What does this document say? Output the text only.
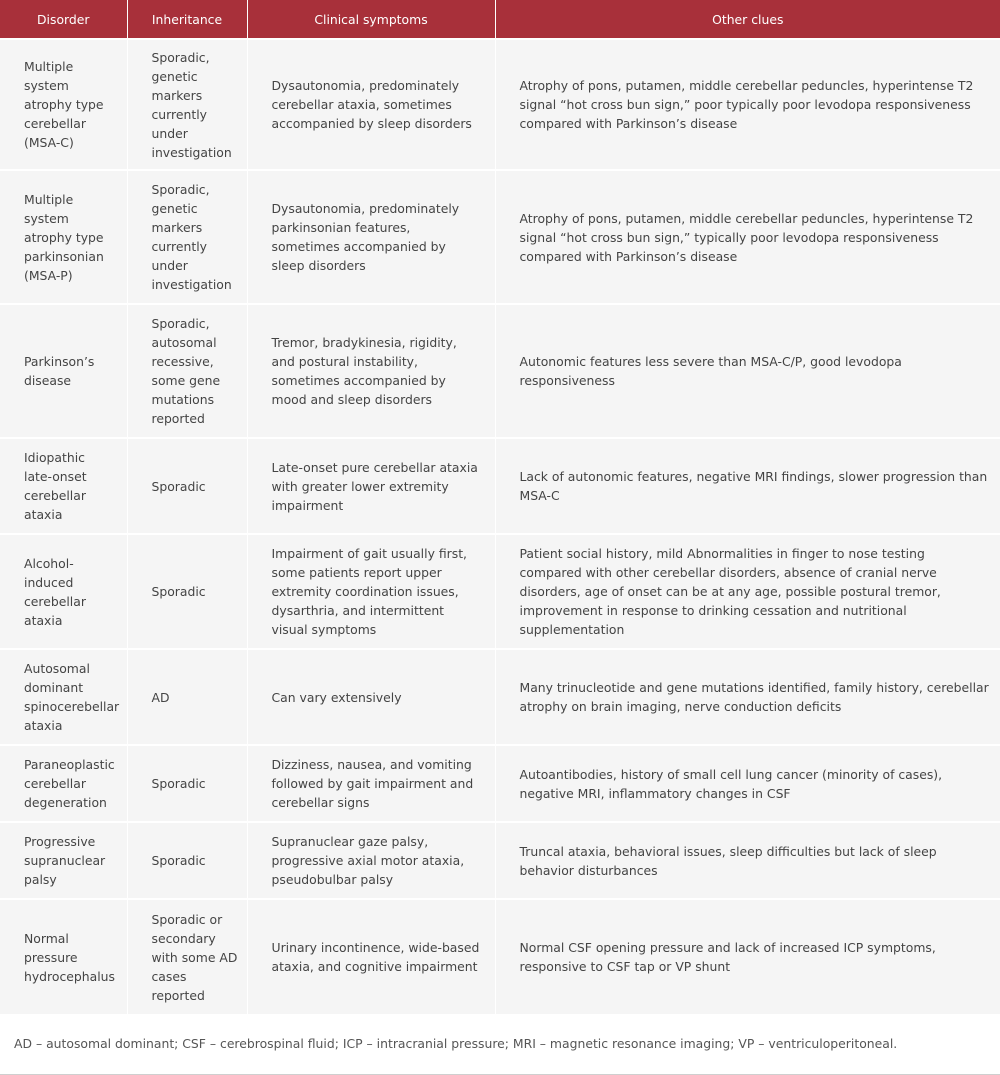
Disorder	Inheritance	Clinical symptoms	Other clues
Multiple system atrophy type cerebellar (MSA-C)	Sporadic, genetic markers currently under investigation	Dysautonomia, predominately cerebellar ataxia, sometimes accompanied by sleep disorders	Atrophy of pons, putamen, middle cerebellar peduncles, hyperintense T2 signal “hot cross bun sign,” poor typically poor levodopa responsiveness compared with Parkinson’s disease
Multiple system atrophy type parkinsonian (MSA-P)	Sporadic, genetic markers currently under investigation	Dysautonomia, predominately parkinsonian features, sometimes accompanied by sleep disorders	Atrophy of pons, putamen, middle cerebellar peduncles, hyperintense T2 signal “hot cross bun sign,” typically poor levodopa responsiveness compared with Parkinson’s disease
Parkinson’s disease	Sporadic, autosomal recessive, some gene mutations reported	Tremor, bradykinesia, rigidity, and postural instability, sometimes accompanied by mood and sleep disorders	Autonomic features less severe than MSA-C/P, good levodopa responsiveness
Idiopathic late-onset cerebellar ataxia	Sporadic	Late-onset pure cerebellar ataxia with greater lower extremity impairment	Lack of autonomic features, negative MRI findings, slower progression than MSA-C
Alcohol-induced cerebellar ataxia	Sporadic	Impairment of gait usually first, some patients report upper extremity coordination issues, dysarthria, and intermittent visual symptoms	Patient social history, mild Abnormalities in finger to nose testing compared with other cerebellar disorders, absence of cranial nerve disorders, age of onset can be at any age, possible postural tremor, improvement in response to drinking cessation and nutritional supplementation
Autosomal dominant spinocerebellar ataxia	AD	Can vary extensively	Many trinucleotide and gene mutations identified, family history, cerebellar atrophy on brain imaging, nerve conduction deficits
Paraneoplastic cerebellar degeneration	Sporadic	Dizziness, nausea, and vomiting followed by gait impairment and cerebellar signs	Autoantibodies, history of small cell lung cancer (minority of cases), negative MRI, inflammatory changes in CSF
Progressive supranuclear palsy	Sporadic	Supranuclear gaze palsy, progressive axial motor ataxia, pseudobulbar palsy	Truncal ataxia, behavioral issues, sleep difficulties but lack of sleep behavior disturbances
Normal pressure hydrocephalus	Sporadic or secondary with some AD cases reported	Urinary incontinence, wide-based ataxia, and cognitive impairment	Normal CSF opening pressure and lack of increased ICP symptoms, responsive to CSF tap or VP shunt
AD – autosomal dominant; CSF – cerebrospinal fluid; ICP – intracranial pressure; MRI – magnetic resonance imaging; VP – ventriculoperitoneal.
